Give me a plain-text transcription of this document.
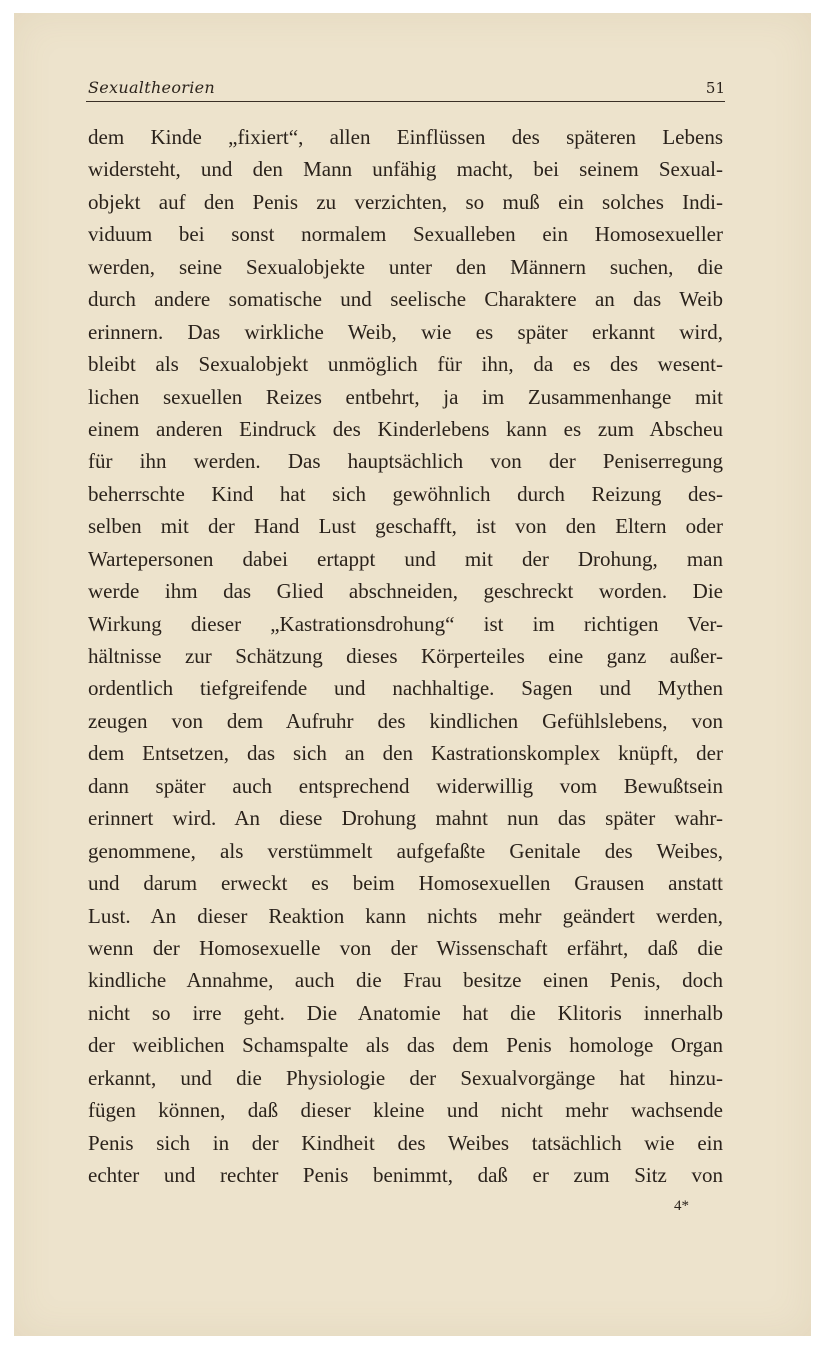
Sexualtheorien	51
dem Kinde „fixiert“, allen Einflüssen des späteren Lebens
widersteht, und den Mann unfähig macht, bei seinem Sexual-
objekt auf den Penis zu verzichten, so muß ein solches Indi-
viduum bei sonst normalem Sexualleben ein Homosexueller
werden, seine Sexualobjekte unter den Männern suchen, die
durch andere somatische und seelische Charaktere an das Weib
erinnern. Das wirkliche Weib, wie es später erkannt wird,
bleibt als Sexualobjekt unmöglich für ihn, da es des wesent-
lichen sexuellen Reizes entbehrt, ja im Zusammenhange mit
einem anderen Eindruck des Kinderlebens kann es zum Abscheu
für ihn werden. Das hauptsächlich von der Peniserregung
beherrschte Kind hat sich gewöhnlich durch Reizung des-
selben mit der Hand Lust geschafft, ist von den Eltern oder
Wartepersonen dabei ertappt und mit der Drohung, man
werde ihm das Glied abschneiden, geschreckt worden. Die
Wirkung dieser „Kastrationsdrohung“ ist im richtigen Ver-
hältnisse zur Schätzung dieses Körperteiles eine ganz außer-
ordentlich tiefgreifende und nachhaltige. Sagen und Mythen
zeugen von dem Aufruhr des kindlichen Gefühlslebens, von
dem Entsetzen, das sich an den Kastrationskomplex knüpft, der
dann später auch entsprechend widerwillig vom Bewußtsein
erinnert wird. An diese Drohung mahnt nun das später wahr-
genommene, als verstümmelt aufgefaßte Genitale des Weibes,
und darum erweckt es beim Homosexuellen Grausen anstatt
Lust. An dieser Reaktion kann nichts mehr geändert werden,
wenn der Homosexuelle von der Wissenschaft erfährt, daß die
kindliche Annahme, auch die Frau besitze einen Penis, doch
nicht so irre geht. Die Anatomie hat die Klitoris innerhalb
der weiblichen Schamspalte als das dem Penis homologe Organ
erkannt, und die Physiologie der Sexualvorgänge hat hinzu-
fügen können, daß dieser kleine und nicht mehr wachsende
Penis sich in der Kindheit des Weibes tatsächlich wie ein
echter und rechter Penis benimmt, daß er zum Sitz von
4*
